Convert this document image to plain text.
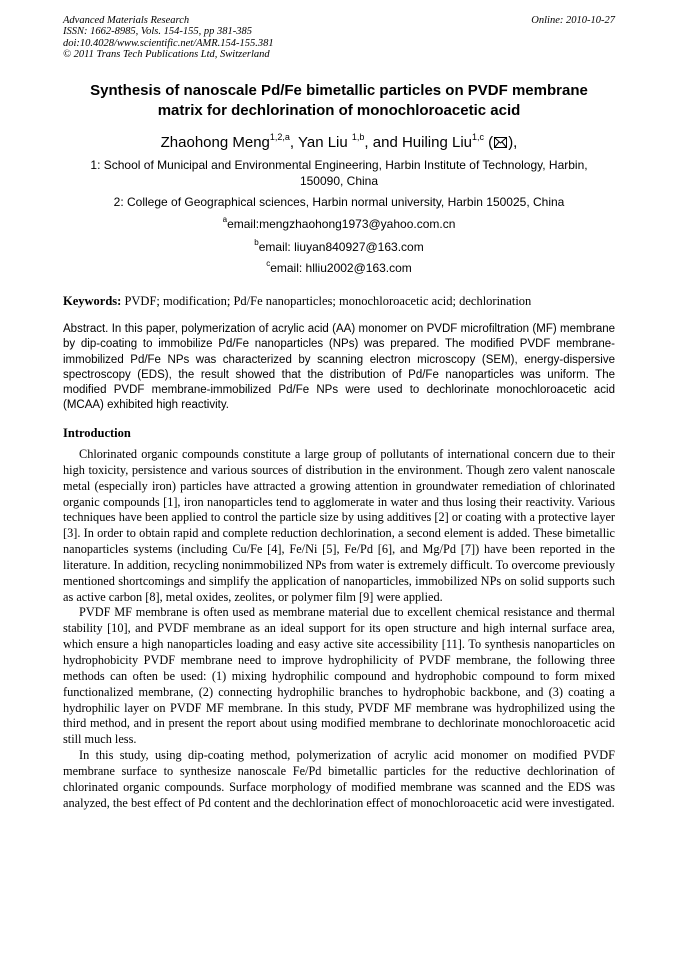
Advanced Materials Research
ISSN: 1662-8985, Vols. 154-155, pp 381-385
doi:10.4028/www.scientific.net/AMR.154-155.381
© 2011 Trans Tech Publications Ltd, Switzerland
Online: 2010-10-27
Synthesis of nanoscale Pd/Fe bimetallic particles on PVDF membrane
matrix for dechlorination of monochloroacetic acid
Zhaohong Meng$^{1,2,a}$, Yan Liu $^{1,b}$, and Huiling Liu$^{1,c}$ ( ),
1: School of Municipal and Environmental Engineering, Harbin Institute of Technology, Harbin,
150090, China
2: College of Geographical sciences, Harbin normal university, Harbin 150025, China
$^a$email:mengzhaohong1973@yahoo.com.cn
$^b$email: liuyan840927@163.com
$^c$email: hlliu2002@163.com
Keywords: PVDF; modification; Pd/Fe nanoparticles; monochloroacetic acid; dechlorination
Abstract. In this paper, polymerization of acrylic acid (AA) monomer on PVDF microfiltration (MF) membrane by dip-coating to immobilize Pd/Fe nanoparticles (NPs) was prepared. The modified PVDF membrane-immobilized Pd/Fe NPs was characterized by scanning electron microscopy (SEM), energy-dispersive spectroscopy (EDS), the result showed that the distribution of Pd/Fe nanoparticles was uniform. The modified PVDF membrane-immobilized Pd/Fe NPs were used to dechlorinate monochloroacetic acid (MCAA) exhibited high reactivity.
Introduction

Chlorinated organic compounds constitute a large group of pollutants of international concern due to their high toxicity, persistence and various sources of distribution in the environment. Though zero valent nanoscale metal (especially iron) particles have attracted a growing attention in groundwater remediation of chlorinated organic compounds [1], iron nanoparticles tend to agglomerate in water and thus losing their reactivity. Various techniques have been applied to control the particle size by using additives [2] or coating with a protective layer [3]. In order to obtain rapid and complete reduction dechlorination, a second element is added. These bimetallic nanoparticles systems (including Cu/Fe [4], Fe/Ni [5], Fe/Pd [6], and Mg/Pd [7]) have been reported in the literature. In addition, recycling nonimmobilized NPs from water is extremely difficult. To overcome previously mentioned shortcomings and simplify the application of nanoparticles, immobilized NPs on solid supports such as active carbon [8], metal oxides, zeolites, or polymer film [9] were applied.

PVDF MF membrane is often used as membrane material due to excellent chemical resistance and thermal stability [10], and PVDF membrane as an ideal support for its open structure and high internal surface area, which ensure a high nanoparticles loading and easy active site accessibility [11]. To synthesis nanoparticles on hydrophobicity PVDF membrane need to improve hydrophilicity of PVDF membrane, the following three methods can often be used: (1) mixing hydrophilic compound and hydrophobic compound to form mixed functionalized membrane, (2) connecting hydrophilic branches to hydrophobic backbone, and (3) coating a hydrophilic layer on PVDF MF membrane. In this study, PVDF MF membrane was hydrophilized using the third method, and in present the report about using modified membrane to dechlorinate monochloroacetic acid still much less.

In this study, using dip-coating method, polymerization of acrylic acid monomer on modified PVDF membrane surface to synthesize nanoscale Fe/Pd bimetallic particles for the reductive dechlorination of chlorinated organic compounds. Surface morphology of modified membrane was scanned and the EDS was analyzed, the best effect of Pd content and the dechlorination effect of monochloroacetic acid were investigated.
